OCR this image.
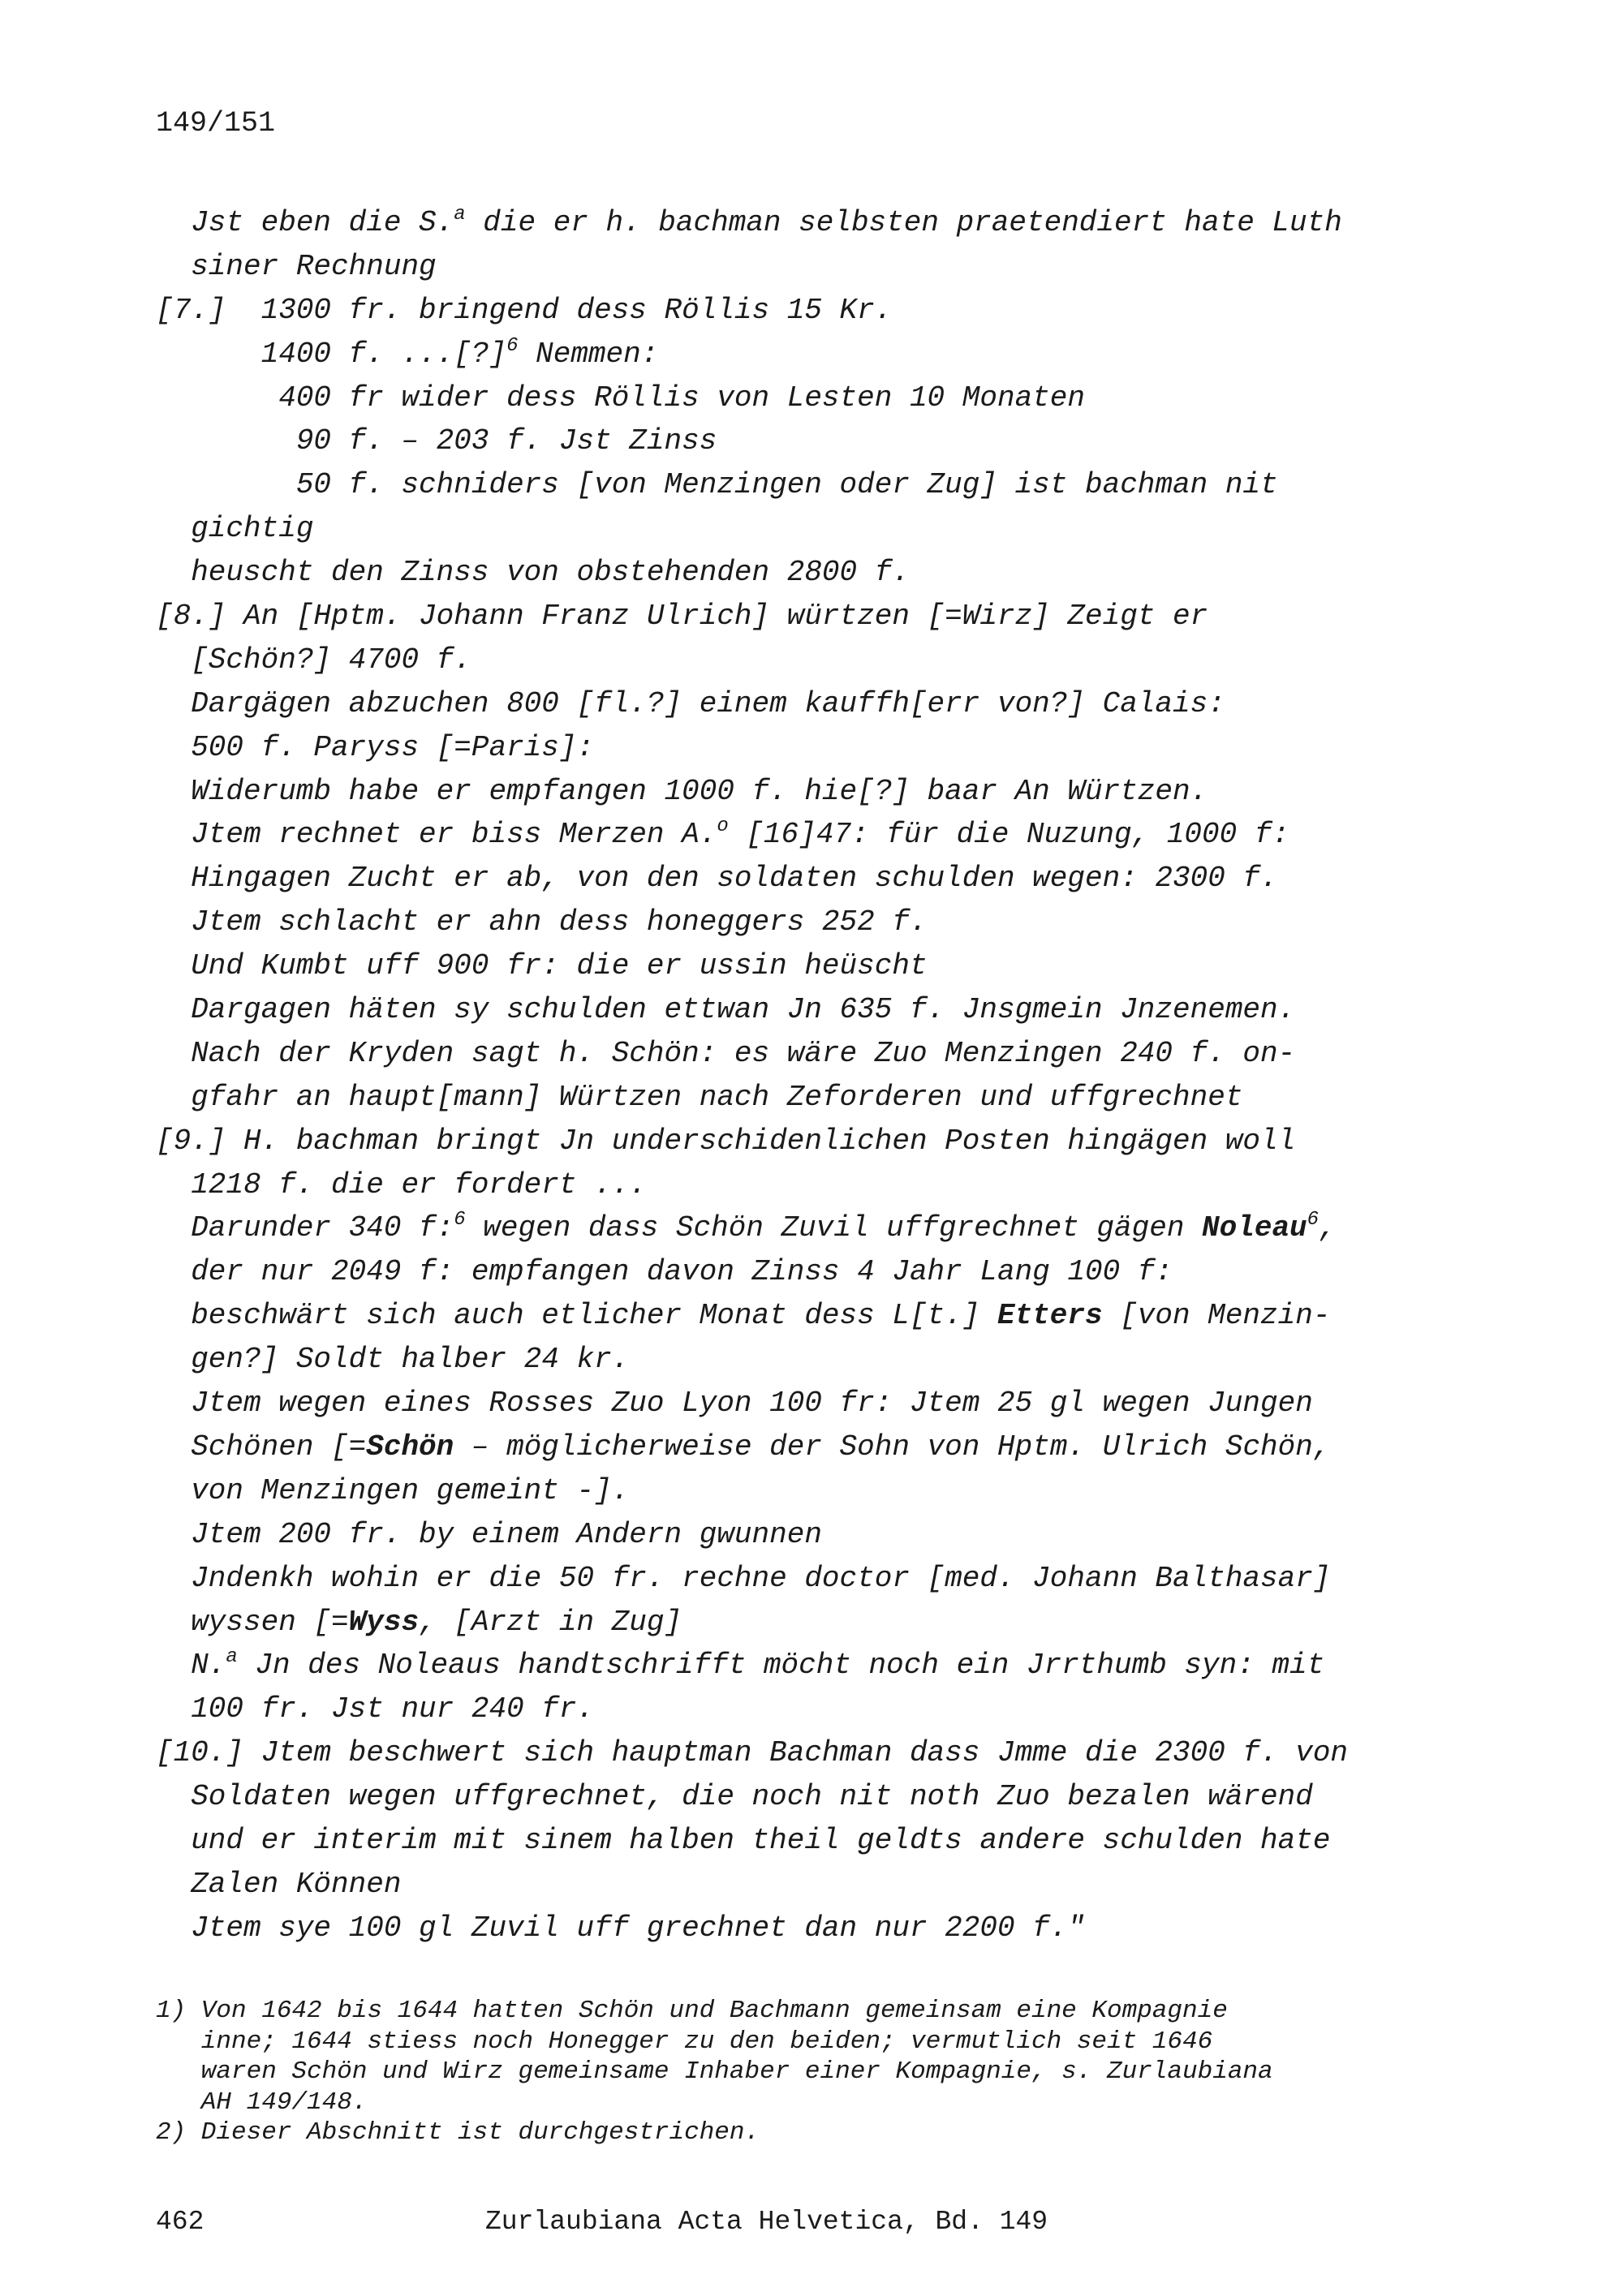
149/151
Jst eben die S.$^a$ die er h. bachman selbsten praetendiert hate Luth
siner Rechnung
[7.]  1300 fr. bringend dess Röllis 15 Kr.
1400 f. ...[?]$^6$ Nemmen:
400 fr wider dess Röllis von Lesten 10 Monaten
90 f. – 203 f. Jst Zinss
50 f. schniders [von Menzingen oder Zug] ist bachman nit
gichtig
heuscht den Zinss von obstehenden 2800 f.
[8.] An [Hptm. Johann Franz Ulrich] würtzen [=Wirz] Zeigt er
[Schön?] 4700 f.
Dargägen abzuchen 800 [fl.?] einem kauffh[err von?] Calais:
500 f. Paryss [=Paris]:
Widerumb habe er empfangen 1000 f. hie[?] baar An Würtzen.
Jtem rechnet er biss Merzen A.$^o$ [16]47: für die Nuzung, 1000 f:
Hingagen Zucht er ab, von den soldaten schulden wegen: 2300 f.
Jtem schlacht er ahn dess honeggers 252 f.
Und Kumbt uff 900 fr: die er ussin heüscht
Dargagen häten sy schulden ettwan Jn 635 f. Jnsgmein Jnzenemen.
Nach der Kryden sagt h. Schön: es wäre Zuo Menzingen 240 f. on-
gfahr an haupt[mann] Würtzen nach Zeforderen und uffgrechnet
[9.] H. bachman bringt Jn underschidenlichen Posten hingägen woll
1218 f. die er fordert ...
Darunder 340 f:$^6$ wegen dass Schön Zuvil uffgrechnet gägen Noleau$^6$,
der nur 2049 f: empfangen davon Zinss 4 Jahr Lang 100 f:
beschwärt sich auch etlicher Monat dess L[t.] Etters [von Menzin-
gen?] Soldt halber 24 kr.
Jtem wegen eines Rosses Zuo Lyon 100 fr: Jtem 25 gl wegen Jungen
Schönen [=Schön – möglicherweise der Sohn von Hptm. Ulrich Schön,
von Menzingen gemeint -].
Jtem 200 fr. by einem Andern gwunnen
Jndenkh wohin er die 50 fr. rechne doctor [med. Johann Balthasar]
wyssen [=Wyss, [Arzt in Zug]
N.$^a$ Jn des Noleaus handtschrifft möcht noch ein Jrrthumb syn: mit
100 fr. Jst nur 240 fr.
[10.] Jtem beschwert sich hauptman Bachman dass Jmme die 2300 f. von
Soldaten wegen uffgrechnet, die noch nit noth Zuo bezalen wärend
und er interim mit sinem halben theil geldts andere schulden hate
Zalen Können
Jtem sye 100 gl Zuvil uff grechnet dan nur 2200 f."
1) Von 1642 bis 1644 hatten Schön und Bachmann gemeinsam eine Kompagnie
inne; 1644 stiess noch Honegger zu den beiden; vermutlich seit 1646
waren Schön und Wirz gemeinsame Inhaber einer Kompagnie, s. Zurlaubiana
AH 149/148.
2) Dieser Abschnitt ist durchgestrichen.
462	Zurlaubiana Acta Helvetica, Bd. 149
